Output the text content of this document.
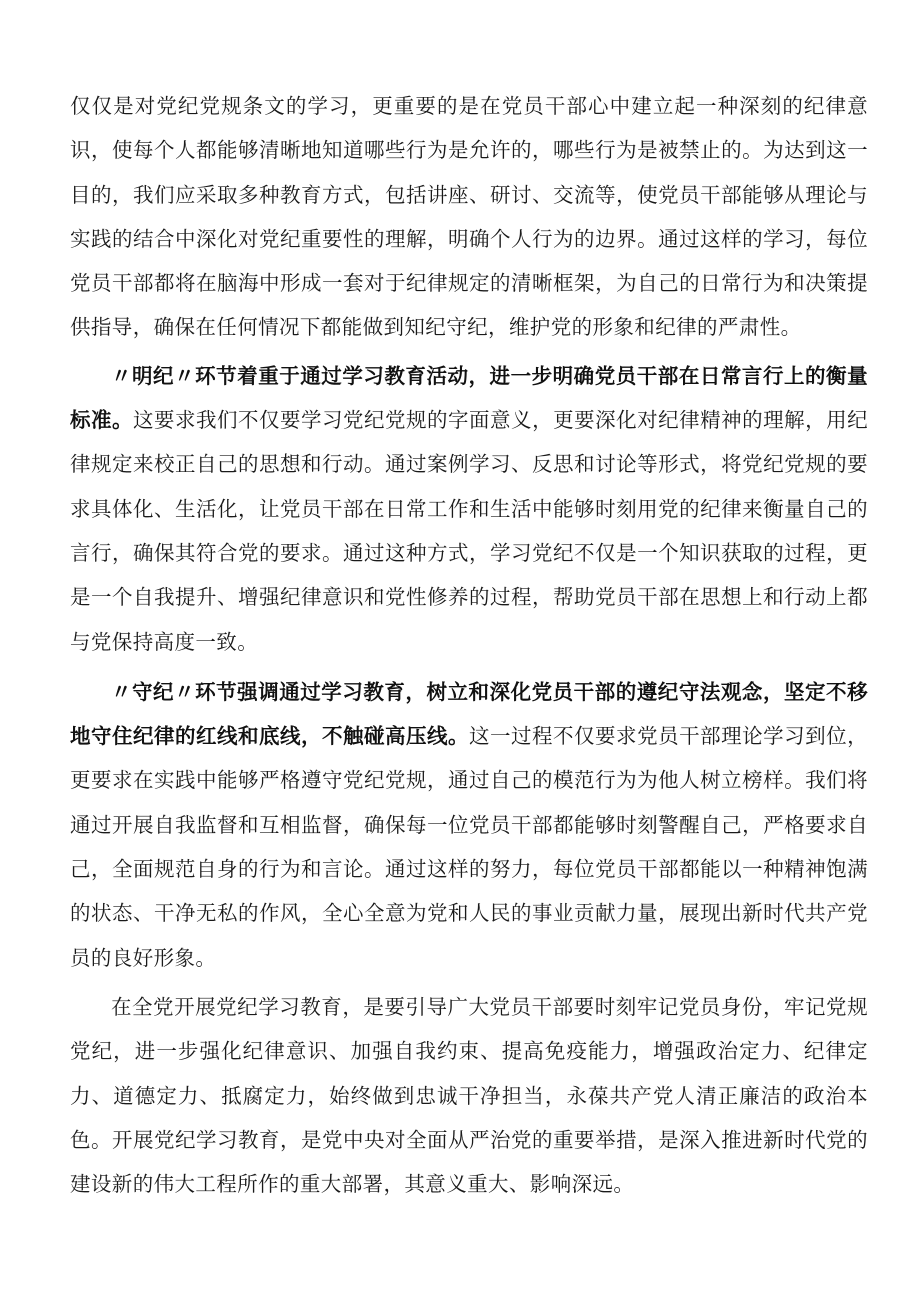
仅仅是对党纪党规条文的学习，更重要的是在党员干部心中建立起一种深刻的纪律意识，使每个人都能够清晰地知道哪些行为是允许的，哪些行为是被禁止的。为达到这一目的，我们应采取多种教育方式，包括讲座、研讨、交流等，使党员干部能够从理论与实践的结合中深化对党纪重要性的理解，明确个人行为的边界。通过这样的学习，每位党员干部都将在脑海中形成一套对于纪律规定的清晰框架，为自己的日常行为和决策提供指导，确保在任何情况下都能做到知纪守纪，维护党的形象和纪律的严肃性。

〃明纪〃环节着重于通过学习教育活动，进一步明确党员干部在日常言行上的衡量标准。这要求我们不仅要学习党纪党规的字面意义，更要深化对纪律精神的理解，用纪律规定来校正自己的思想和行动。通过案例学习、反思和讨论等形式，将党纪党规的要求具体化、生活化，让党员干部在日常工作和生活中能够时刻用党的纪律来衡量自己的言行，确保其符合党的要求。通过这种方式，学习党纪不仅是一个知识获取的过程，更是一个自我提升、增强纪律意识和党性修养的过程，帮助党员干部在思想上和行动上都与党保持高度一致。

〃守纪〃环节强调通过学习教育，树立和深化党员干部的遵纪守法观念，坚定不移地守住纪律的红线和底线，不触碰高压线。这一过程不仅要求党员干部理论学习到位，更要求在实践中能够严格遵守党纪党规，通过自己的模范行为为他人树立榜样。我们将通过开展自我监督和互相监督，确保每一位党员干部都能够时刻警醒自己，严格要求自己，全面规范自身的行为和言论。通过这样的努力，每位党员干部都能以一种精神饱满的状态、干净无私的作风，全心全意为党和人民的事业贡献力量，展现出新时代共产党员的良好形象。

在全党开展党纪学习教育，是要引导广大党员干部要时刻牢记党员身份，牢记党规党纪，进一步强化纪律意识、加强自我约束、提高免疫能力，增强政治定力、纪律定力、道德定力、抵腐定力，始终做到忠诚干净担当，永葆共产党人清正廉洁的政治本色。开展党纪学习教育，是党中央对全面从严治党的重要举措，是深入推进新时代党的建设新的伟大工程所作的重大部署，其意义重大、影响深远。
